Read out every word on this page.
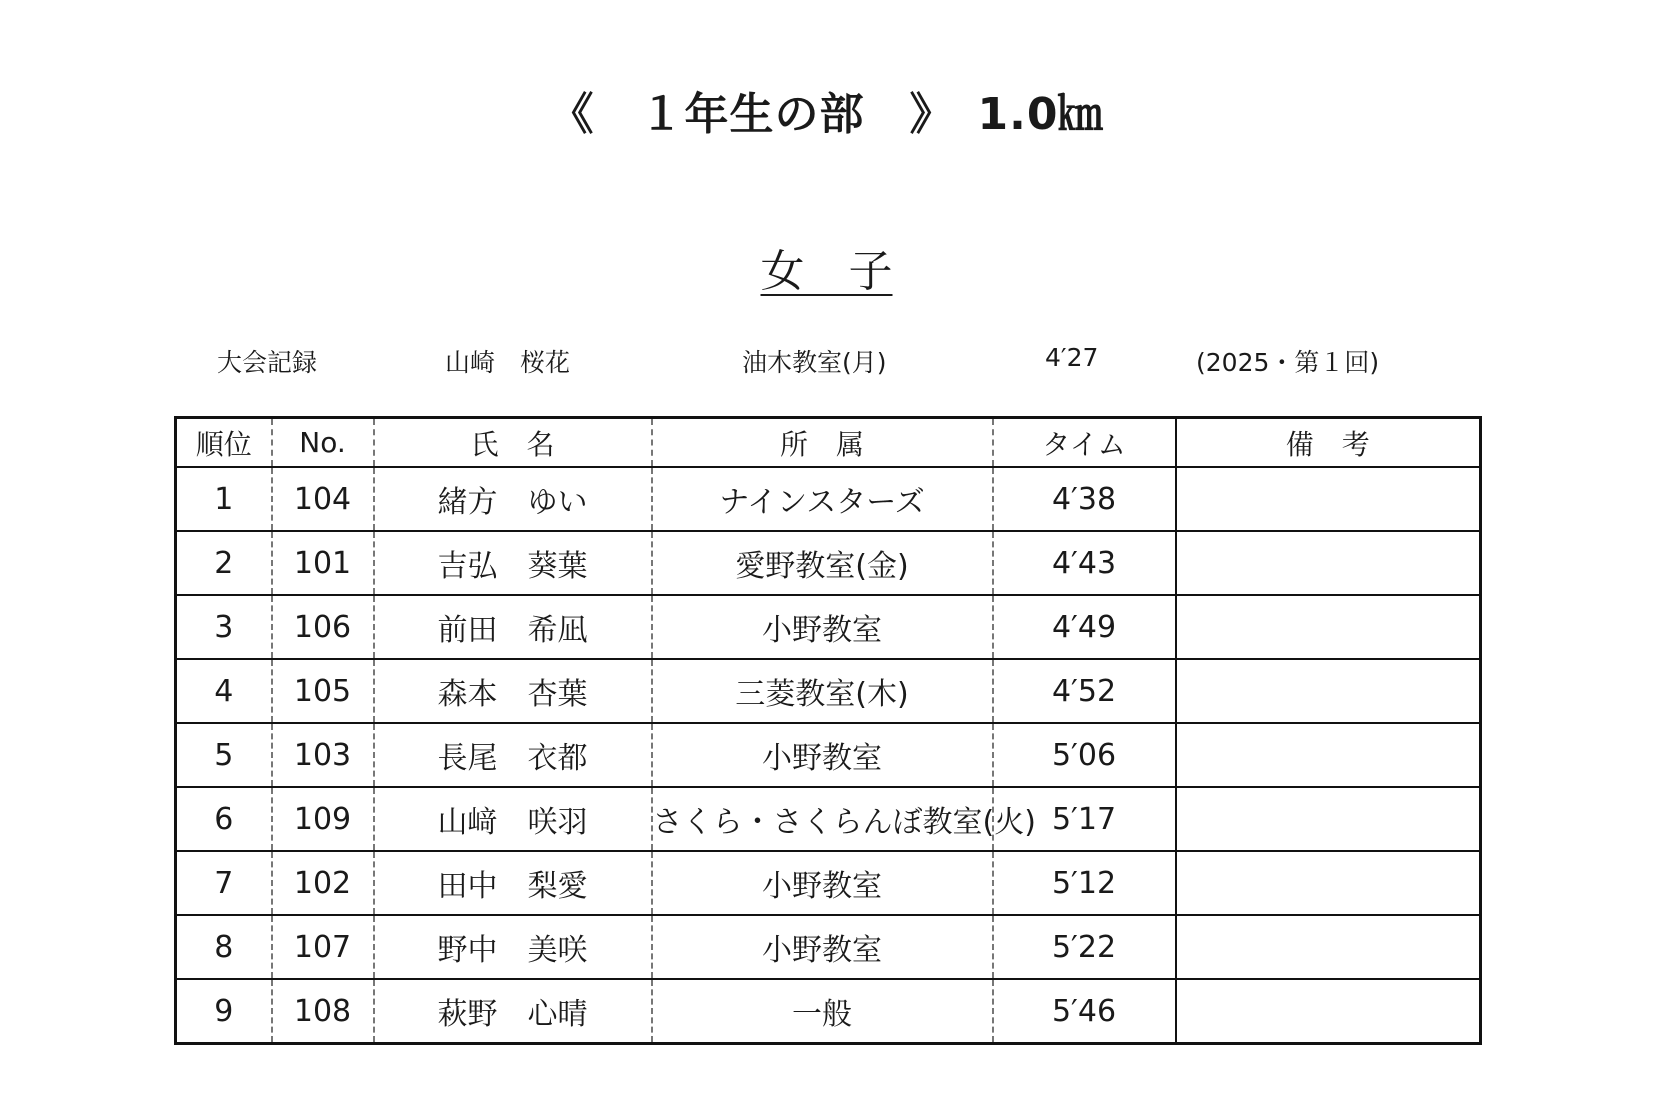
《　１年生の部　》　1.0㎞
女　子
大会記録	山崎　桜花	油木教室(月)	4′27	(2025・第１回)
順位	No.	氏　名	所　属	タイム	備　考
1	104	緒方　ゆい	ナインスターズ	4′38	
2	101	吉弘　葵葉	愛野教室(金)	4′43	
3	106	前田　希凪	小野教室	4′49	
4	105	森本　杏葉	三菱教室(木)	4′52	
5	103	長尾　衣都	小野教室	5′06	
6	109	山﨑　咲羽	さくら・さくらんぼ教室(火)	5′17	
7	102	田中　梨愛	小野教室	5′12	
8	107	野中　美咲	小野教室	5′22	
9	108	萩野　心晴	一般	5′46	
